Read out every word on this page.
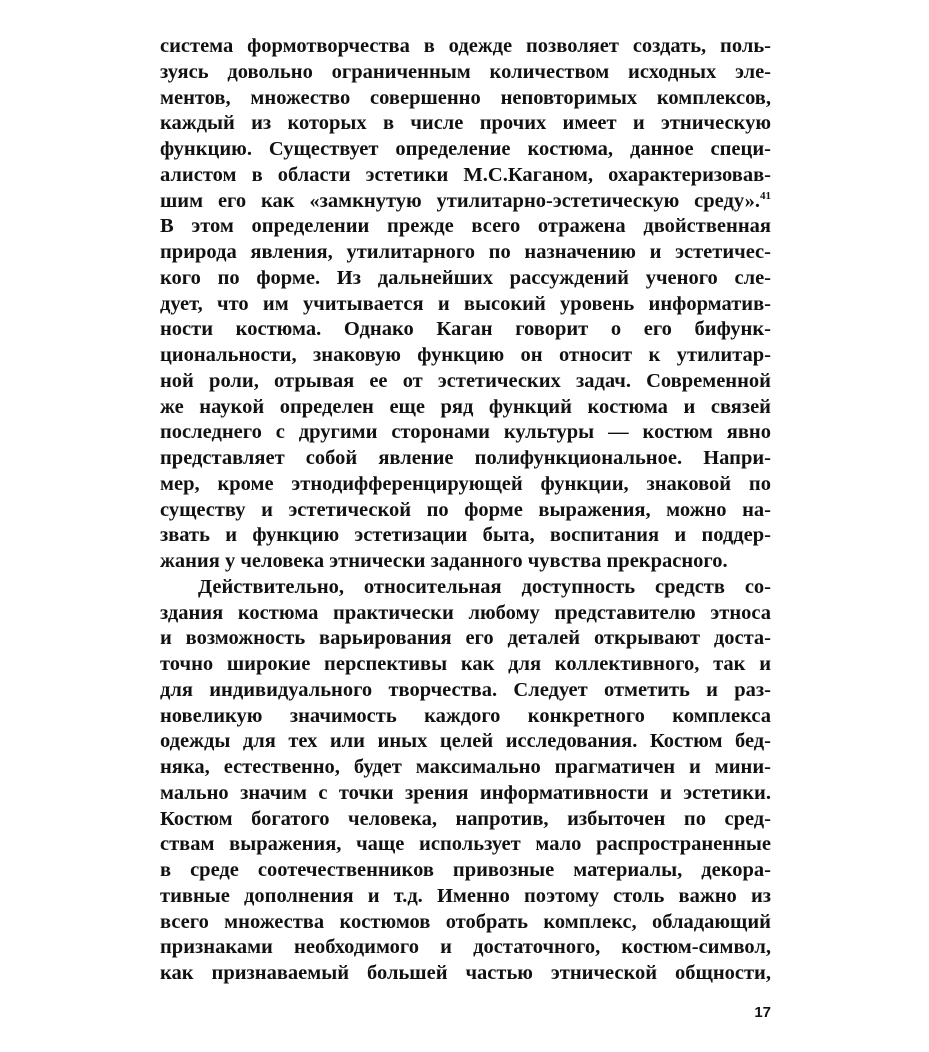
система формотворчества в одежде позволяет создать, поль-
зуясь довольно ограниченным количеством исходных эле-
ментов, множество совершенно неповторимых комплексов,
каждый из которых в числе прочих имеет и этническую
функцию. Существует определение костюма, данное специ-
алистом в области эстетики М.С.Каганом, охарактеризовав-
шим его как «замкнутую утилитарно-эстетическую среду».$^{41}$
В этом определении прежде всего отражена двойственная
природа явления, утилитарного по назначению и эстетичес-
кого по форме. Из дальнейших рассуждений ученого сле-
дует, что им учитывается и высокий уровень информатив-
ности костюма. Однако Каган говорит о его бифунк-
циональности, знаковую функцию он относит к утилитар-
ной роли, отрывая ее от эстетических задач. Современной
же наукой определен еще ряд функций костюма и связей
последнего с другими сторонами культуры — костюм явно
представляет собой явление полифункциональное. Напри-
мер, кроме этнодифференцирующей функции, знаковой по
существу и эстетической по форме выражения, можно на-
звать и функцию эстетизации быта, воспитания и поддер-
жания у человека этнически заданного чувства прекрасного.
Действительно, относительная доступность средств со-
здания костюма практически любому представителю этноса
и возможность варьирования его деталей открывают доста-
точно широкие перспективы как для коллективного, так и
для индивидуального творчества. Следует отметить и раз-
новеликую значимость каждого конкретного комплекса
одежды для тех или иных целей исследования. Костюм бед-
няка, естественно, будет максимально прагматичен и мини-
мально значим с точки зрения информативности и эстетики.
Костюм богатого человека, напротив, избыточен по сред-
ствам выражения, чаще использует мало распространенные
в среде соотечественников привозные материалы, декора-
тивные дополнения и т.д. Именно поэтому столь важно из
всего множества костюмов отобрать комплекс, обладающий
признаками необходимого и достаточного, костюм-символ,
как признаваемый большей частью этнической общности,
17
